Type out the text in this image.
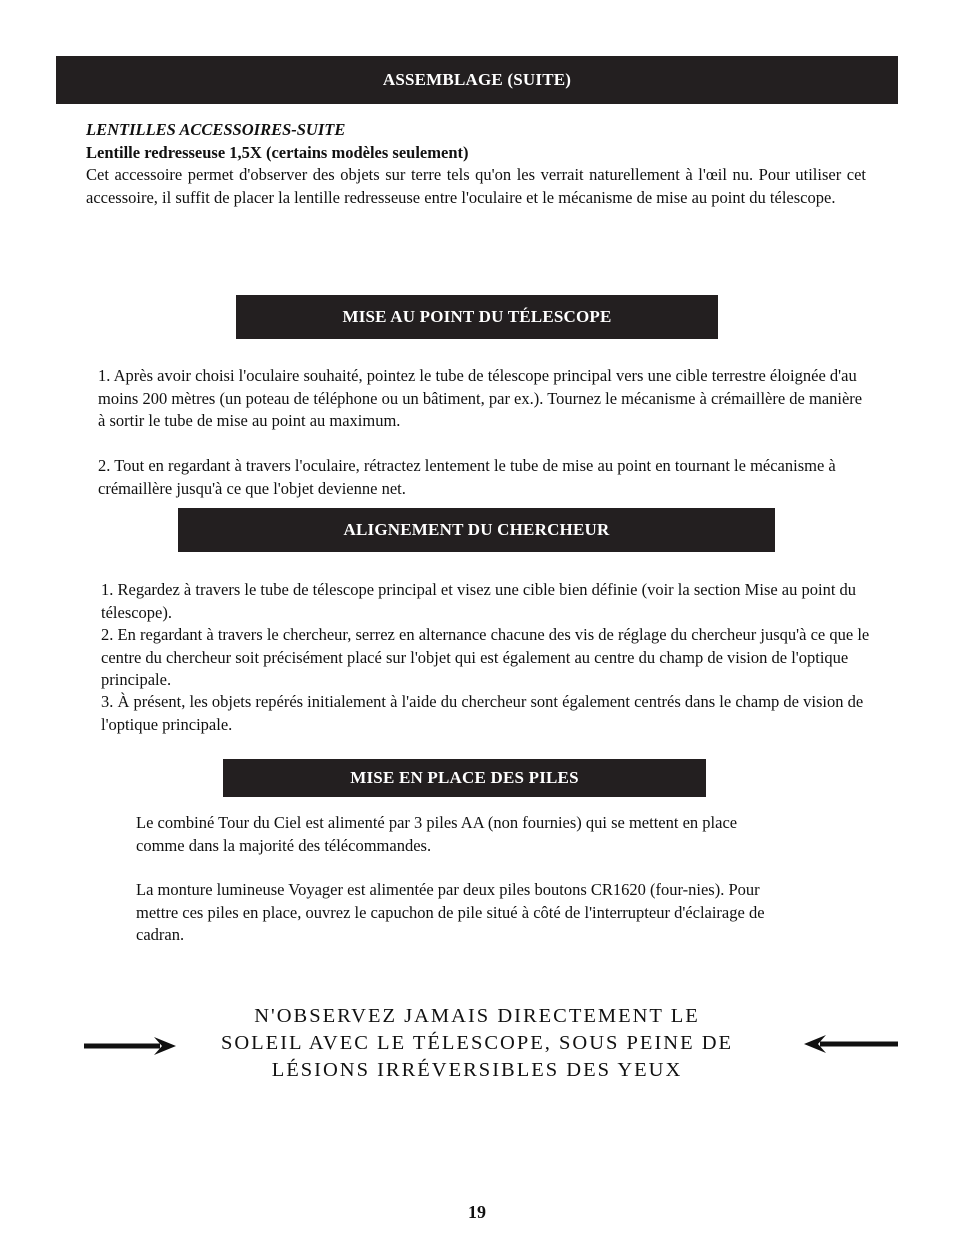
ASSEMBLAGE (SUITE)
LENTILLES ACCESSOIRES-SUITE
Lentille redresseuse 1,5X (certains modèles seulement)

Cet accessoire permet d'observer des objets sur terre tels qu'on les verrait naturellement à l'œil nu. Pour utiliser cet accessoire, il suffit de placer la lentille redresseuse entre l'oculaire et le mécanisme de mise au point du télescope.

MISE AU POINT DU TÉLESCOPE

1. Après avoir choisi l'oculaire souhaité, pointez le tube de télescope principal vers une cible terrestre éloignée d'au moins 200 mètres (un poteau de téléphone ou un bâtiment, par ex.). Tournez le mécanisme à crémaillère de manière à sortir le tube de mise au point au maximum.

2. Tout en regardant à travers l'oculaire, rétractez lentement le tube de mise au point en tournant le mécanisme à crémaillère jusqu'à ce que l'objet devienne net.

ALIGNEMENT DU CHERCHEUR

1. Regardez à travers le tube de télescope principal et visez une cible bien définie (voir la section Mise au point du télescope).

2. En regardant à travers le chercheur, serrez en alternance chacune des vis de réglage du chercheur jusqu'à ce que le centre du chercheur soit précisément placé sur l'objet qui est également au centre du champ de vision de l'optique principale.

3. À présent, les objets repérés initialement à l'aide du chercheur sont également centrés dans le champ de vision de l'optique principale.

MISE EN PLACE DES PILES

Le combiné Tour du Ciel est alimenté par 3 piles AA (non fournies) qui se mettent en place comme dans la majorité des télécommandes.

La monture lumineuse Voyager est alimentée par deux piles boutons CR1620 (four-nies). Pour mettre ces piles en place, ouvrez le capuchon de pile situé à côté de l'interrupteur d'éclairage de cadran.

N'OBSERVEZ JAMAIS DIRECTEMENT LE
SOLEIL AVEC LE TÉLESCOPE, SOUS PEINE DE
LÉSIONS IRRÉVERSIBLES DES YEUX
19
